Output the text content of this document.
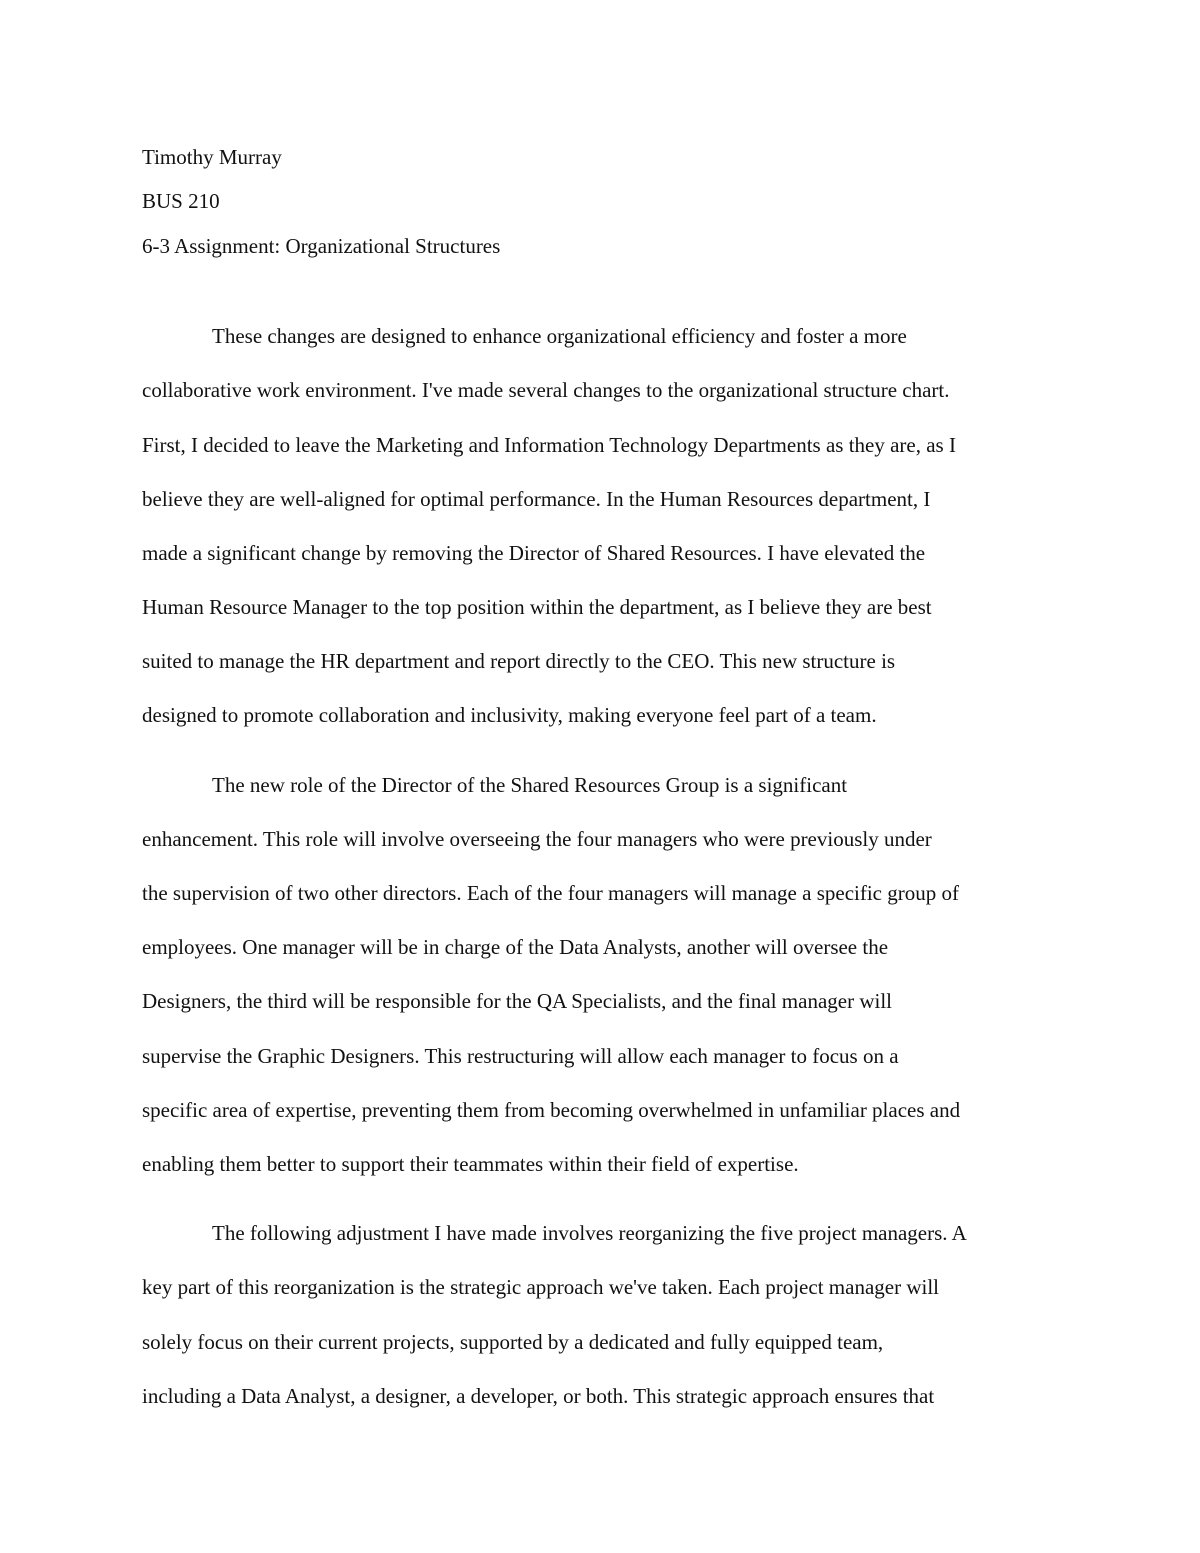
Timothy Murray

BUS 210

6-3 Assignment: Organizational Structures

These changes are designed to enhance organizational efficiency and foster a more

collaborative work environment. I've made several changes to the organizational structure chart.

First, I decided to leave the Marketing and Information Technology Departments as they are, as I

believe they are well-aligned for optimal performance. In the Human Resources department, I

made a significant change by removing the Director of Shared Resources. I have elevated the

Human Resource Manager to the top position within the department, as I believe they are best

suited to manage the HR department and report directly to the CEO. This new structure is

designed to promote collaboration and inclusivity, making everyone feel part of a team.

The new role of the Director of the Shared Resources Group is a significant

enhancement. This role will involve overseeing the four managers who were previously under

the supervision of two other directors. Each of the four managers will manage a specific group of

employees. One manager will be in charge of the Data Analysts, another will oversee the

Designers, the third will be responsible for the QA Specialists, and the final manager will

supervise the Graphic Designers. This restructuring will allow each manager to focus on a

specific area of expertise, preventing them from becoming overwhelmed in unfamiliar places and

enabling them better to support their teammates within their field of expertise.

The following adjustment I have made involves reorganizing the five project managers. A

key part of this reorganization is the strategic approach we've taken. Each project manager will

solely focus on their current projects, supported by a dedicated and fully equipped team,

including a Data Analyst, a designer, a developer, or both. This strategic approach ensures that
